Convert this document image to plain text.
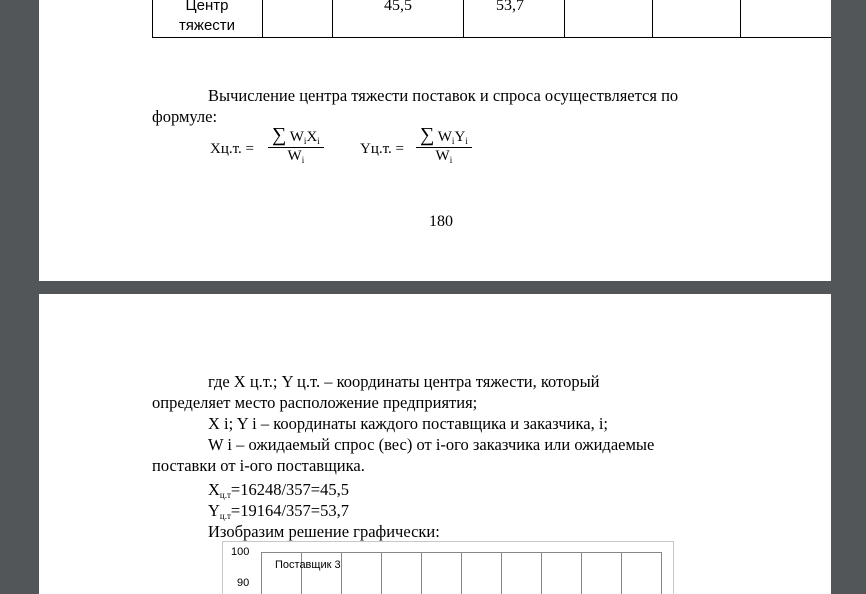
Центр
тяжести
45,5	53,7
Вычисление центра тяжести поставок и спроса осуществляется по
формуле:
Xц.т. =
∑ $W_iX_i$
$W_i$
Yц.т. =
∑ $W_iY_i$
$W_i$
180
где X ц.т.; Y ц.т. – координаты центра тяжести, который
определяет место расположение предприятия;
X i; Y i – координаты каждого поставщика и заказчика, i;
W i – ожидаемый спрос (вес) от i-ого заказчика или ожидаемые
поставки от i-ого поставщика.
$X_{ц.т}=16248/357=45,5$
$Y_{ц.т}=19164/357=53,7$
Изобразим решение графически:
100
90
Поставщик 3
